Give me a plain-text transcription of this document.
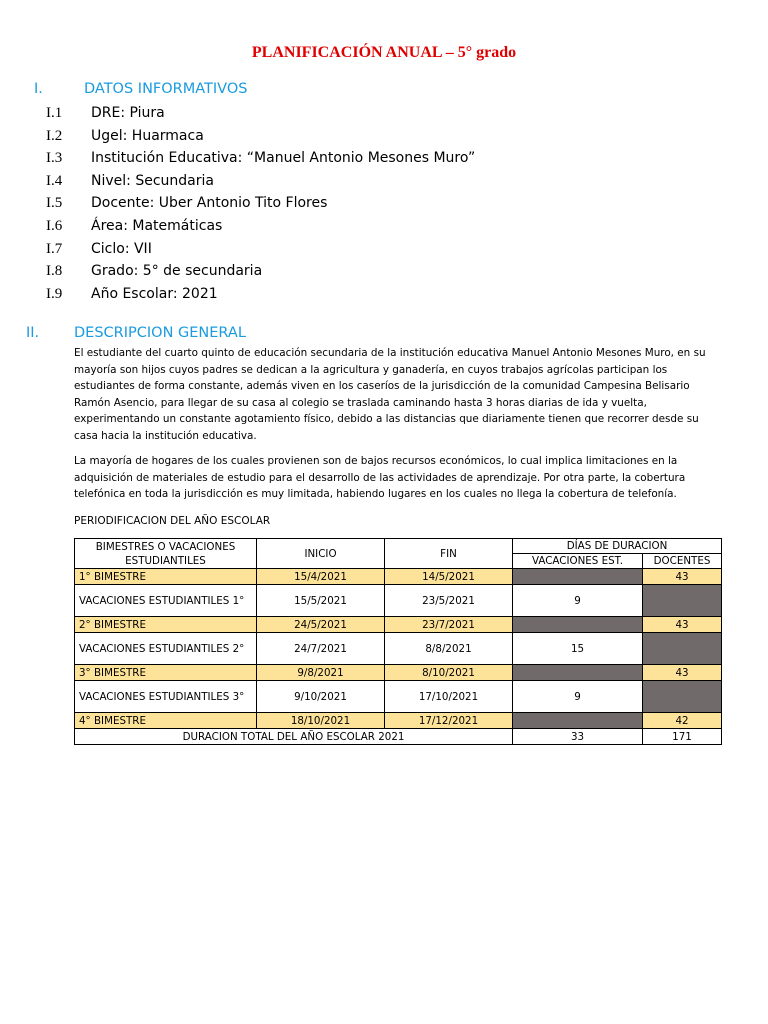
PLANIFICACIÓN ANUAL – 5° grado
I.	DATOS INFORMATIVOS
I.1 DRE: Piura
I.2 Ugel: Huarmaca
I.3 Institución Educativa: “Manuel Antonio Mesones Muro”
I.4 Nivel: Secundaria
I.5 Docente: Uber Antonio Tito Flores
I.6 Área: Matemáticas
I.7 Ciclo: VII
I.8 Grado: 5° de secundaria
I.9 Año Escolar: 2021
II. DESCRIPCION GENERAL
El estudiante del cuarto quinto de educación secundaria de la institución educativa Manuel Antonio Mesones Muro, en su mayoría son hijos cuyos padres se dedican a la agricultura y ganadería, en cuyos trabajos agrícolas participan los estudiantes de forma constante, además viven en los caseríos de la jurisdicción de la comunidad Campesina Belisario Ramón Asencio, para llegar de su casa al colegio se traslada caminando hasta 3 horas diarias de ida y vuelta, experimentando un constante agotamiento físico, debido a las distancias que diariamente tienen que recorrer desde su casa hacia la institución educativa.
La mayoría de hogares de los cuales provienen son de bajos recursos económicos, lo cual implica limitaciones en la adquisición de materiales de estudio para el desarrollo de las actividades de aprendizaje. Por otra parte, la cobertura telefónica en toda la jurisdicción es muy limitada, habiendo lugares en los cuales no llega la cobertura de telefonía.
PERIODIFICACION DEL AÑO ESCOLAR
BIMESTRES O VACACIONES ESTUDIANTILES	INICIO	FIN	DÍAS DE DURACION	
			VACACIONES EST.	DOCENTES
1° BIMESTRE	15/4/2021	14/5/2021		43
VACACIONES ESTUDIANTILES 1°	15/5/2021	23/5/2021	9	
2° BIMESTRE	24/5/2021	23/7/2021		43
VACACIONES ESTUDIANTILES 2°	24/7/2021	8/8/2021	15	
3° BIMESTRE	9/8/2021	8/10/2021		43
VACACIONES ESTUDIANTILES 3°	9/10/2021	17/10/2021	9	
4° BIMESTRE	18/10/2021	17/12/2021		42
DURACION TOTAL DEL AÑO ESCOLAR 2021			33	171
